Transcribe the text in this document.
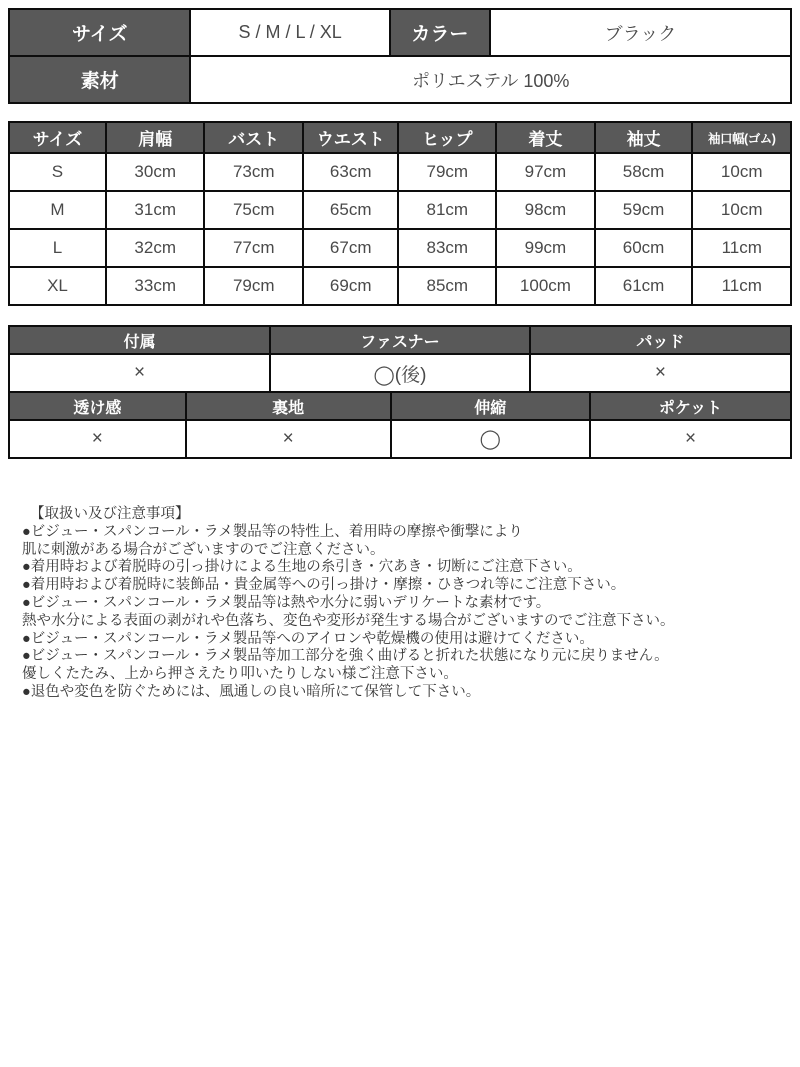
サイズ	S / M / L / XL	カラー	ブラック
素材	ポリエステル 100%		
サイズ	肩幅	バスト	ウエスト	ヒップ	着丈	袖丈	袖口幅(ゴム)
S	30cm	73cm	63cm	79cm	97cm	58cm	10cm
M	31cm	75cm	65cm	81cm	98cm	59cm	10cm
L	32cm	77cm	67cm	83cm	99cm	60cm	11cm
XL	33cm	79cm	69cm	85cm	100cm	61cm	11cm
付属	ファスナー	パッド
×	◯(後)	×
透け感	裏地	伸縮	ポケット
×	×	◯	×
【取扱い及び注意事項】
●ビジュー・スパンコール・ラメ製品等の特性上、着用時の摩擦や衝撃により
肌に刺激がある場合がございますのでご注意ください。
●着用時および着脱時の引っ掛けによる生地の糸引き・穴あき・切断にご注意下さい。
●着用時および着脱時に装飾品・貴金属等への引っ掛け・摩擦・ひきつれ等にご注意下さい。
●ビジュー・スパンコール・ラメ製品等は熱や水分に弱いデリケートな素材です。
熱や水分による表面の剥がれや色落ち、変色や変形が発生する場合がございますのでご注意下さい。
●ビジュー・スパンコール・ラメ製品等へのアイロンや乾燥機の使用は避けてください。
●ビジュー・スパンコール・ラメ製品等加工部分を強く曲げると折れた状態になり元に戻りません。
優しくたたみ、上から押さえたり叩いたりしない様ご注意下さい。
●退色や変色を防ぐためには、風通しの良い暗所にて保管して下さい。
